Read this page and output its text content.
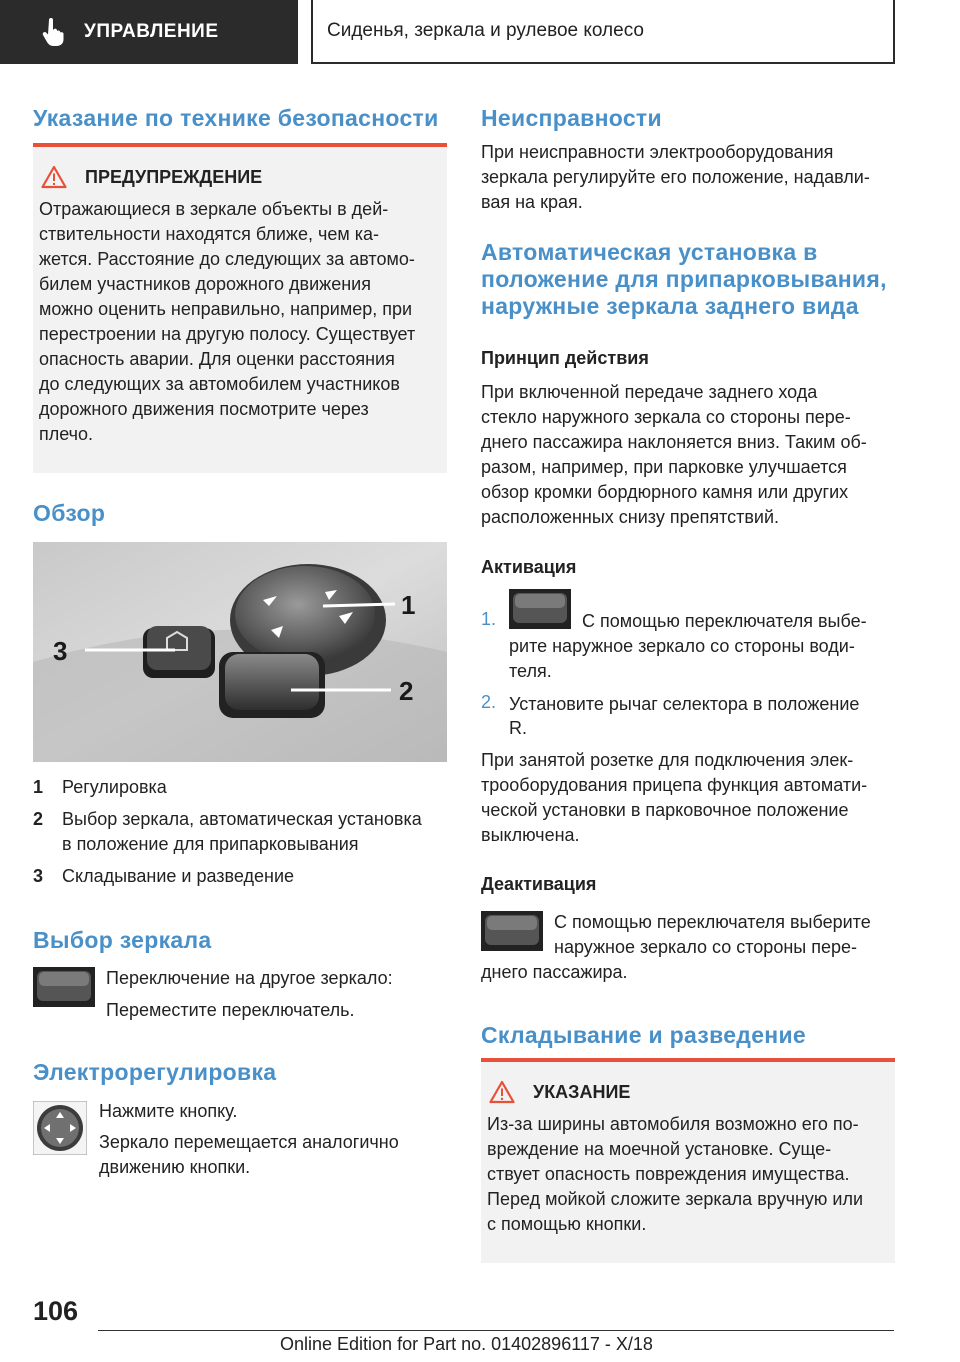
УПРАВЛЕНИЕ	Сиденья, зеркала и рулевое колесо
Указание по технике безопасности
ПРЕДУПРЕЖДЕНИЕ

Отражающиеся в зеркале объекты в дей-

ствительности находятся ближе, чем ка-

жется. Расстояние до следующих за автомо-

билем участников дорожного движения

можно оценить неправильно, например, при

перестроении на другую полосу. Существует

опасность аварии. Для оценки расстояния

до следующих за автомобилем участников

дорожного движения посмотрите через

плечо.

Обзор
1
2
3
1	Регулировка
2	Выбор зеркала, автоматическая установка
в положение для припарковывания
3	Складывание и разведение
Выбор зеркала

Переключение на другое зеркало:

Переместите переключатель.

Электрорегулировка

Нажмите кнопку.

Зеркало перемещается аналогично

движению кнопки.

Неисправности

При неисправности электрооборудования

зеркала регулируйте его положение, надавли-

вая на края.

Автоматическая установка в
положение для припарковывания,
наружные зеркала заднего вида
Принцип действия

При включенной передаче заднего хода

стекло наружного зеркала со стороны пере-

днего пассажира наклоняется вниз. Таким об-

разом, например, при парковке улучшается

обзор кромки бордюрного камня или других

расположенных снизу препятствий.

Активация
1.	С помощью переключателя выбе-

рите наружное зеркало со стороны води-

теля.

2. Установите рычаг селектора в положение

R.

При занятой розетке для подключения элек-

трооборудования прицепа функция автомати-

ческой установки в парковочное положение

выключена.

Деактивация

С помощью переключателя выберите

наружное зеркало со стороны пере-

днего пассажира.

Складывание и разведение
УКАЗАНИЕ

Из-за ширины автомобиля возможно его по-

вреждение на моечной установке. Суще-

ствует опасность повреждения имущества.

Перед мойкой сложите зеркала вручную или

с помощью кнопки.

106
Online Edition for Part no. 01402896117 - X/18
